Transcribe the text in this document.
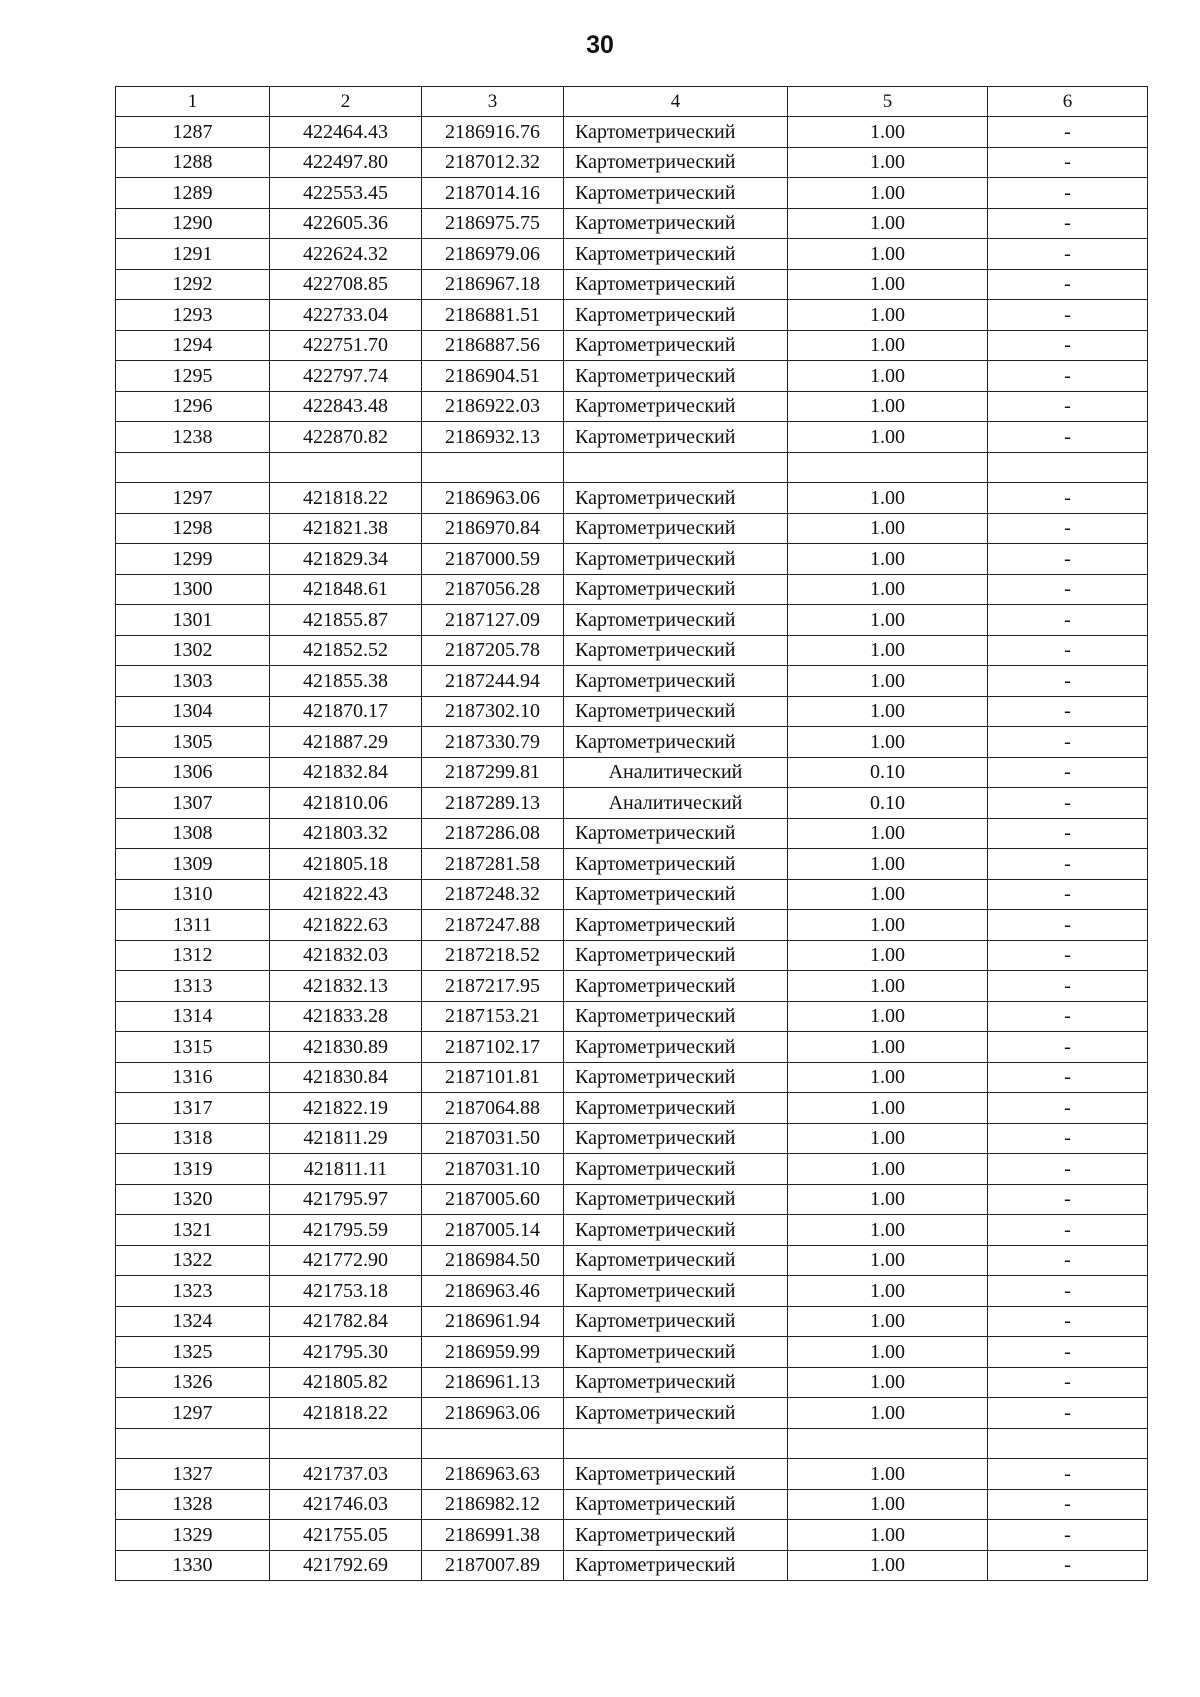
30
1	2	3	4	5	6
1287	422464.43	2186916.76	Картометрический	1.00	-
1288	422497.80	2187012.32	Картометрический	1.00	-
1289	422553.45	2187014.16	Картометрический	1.00	-
1290	422605.36	2186975.75	Картометрический	1.00	-
1291	422624.32	2186979.06	Картометрический	1.00	-
1292	422708.85	2186967.18	Картометрический	1.00	-
1293	422733.04	2186881.51	Картометрический	1.00	-
1294	422751.70	2186887.56	Картометрический	1.00	-
1295	422797.74	2186904.51	Картометрический	1.00	-
1296	422843.48	2186922.03	Картометрический	1.00	-
1238	422870.82	2186932.13	Картометрический	1.00	-

1297	421818.22	2186963.06	Картометрический	1.00	-
1298	421821.38	2186970.84	Картометрический	1.00	-
1299	421829.34	2187000.59	Картометрический	1.00	-
1300	421848.61	2187056.28	Картометрический	1.00	-
1301	421855.87	2187127.09	Картометрический	1.00	-
1302	421852.52	2187205.78	Картометрический	1.00	-
1303	421855.38	2187244.94	Картометрический	1.00	-
1304	421870.17	2187302.10	Картометрический	1.00	-
1305	421887.29	2187330.79	Картометрический	1.00	-
1306	421832.84	2187299.81	Аналитический	0.10	-
1307	421810.06	2187289.13	Аналитический	0.10	-
1308	421803.32	2187286.08	Картометрический	1.00	-
1309	421805.18	2187281.58	Картометрический	1.00	-
1310	421822.43	2187248.32	Картометрический	1.00	-
1311	421822.63	2187247.88	Картометрический	1.00	-
1312	421832.03	2187218.52	Картометрический	1.00	-
1313	421832.13	2187217.95	Картометрический	1.00	-
1314	421833.28	2187153.21	Картометрический	1.00	-
1315	421830.89	2187102.17	Картометрический	1.00	-
1316	421830.84	2187101.81	Картометрический	1.00	-
1317	421822.19	2187064.88	Картометрический	1.00	-
1318	421811.29	2187031.50	Картометрический	1.00	-
1319	421811.11	2187031.10	Картометрический	1.00	-
1320	421795.97	2187005.60	Картометрический	1.00	-
1321	421795.59	2187005.14	Картометрический	1.00	-
1322	421772.90	2186984.50	Картометрический	1.00	-
1323	421753.18	2186963.46	Картометрический	1.00	-
1324	421782.84	2186961.94	Картометрический	1.00	-
1325	421795.30	2186959.99	Картометрический	1.00	-
1326	421805.82	2186961.13	Картометрический	1.00	-
1297	421818.22	2186963.06	Картометрический	1.00	-

1327	421737.03	2186963.63	Картометрический	1.00	-
1328	421746.03	2186982.12	Картометрический	1.00	-
1329	421755.05	2186991.38	Картометрический	1.00	-
1330	421792.69	2187007.89	Картометрический	1.00	-
